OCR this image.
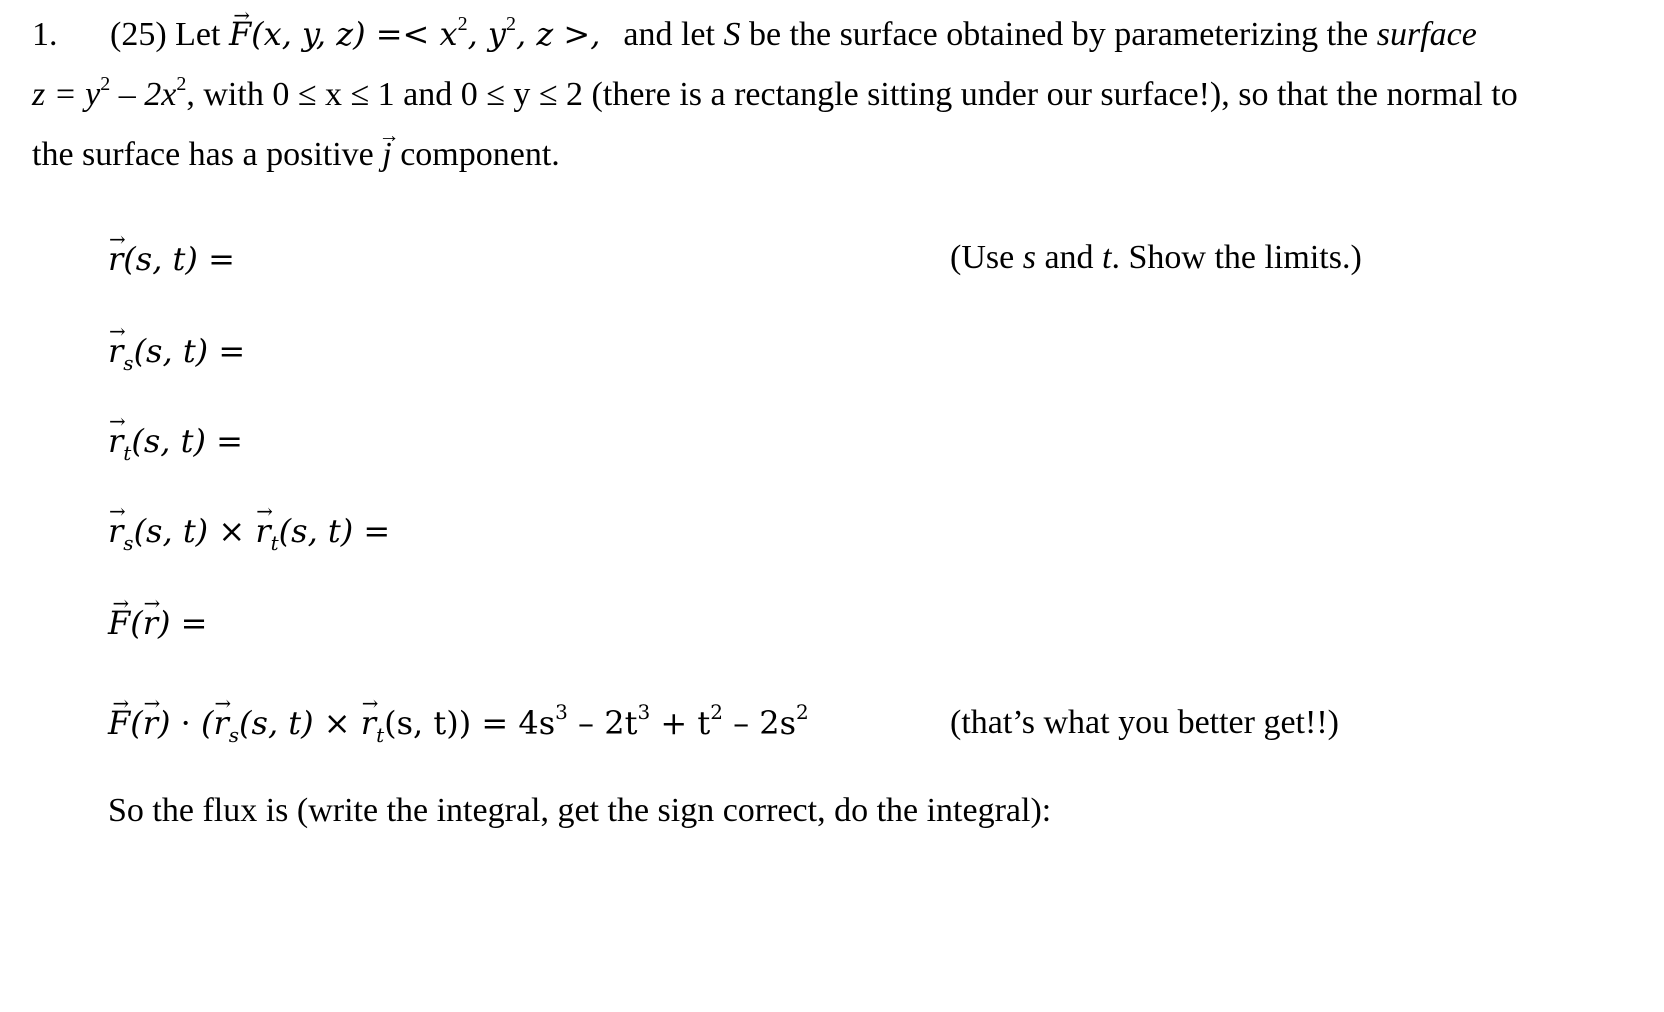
1. (25) Let → F(x, y, $z) =< x^2$, $y^2$, z >, and let S be the surface obtained by parameterizing the surface
$z = y^2 - 2x^2$, with 0 ≤ x ≤ 1 and 0 ≤ y ≤ 2 (there is a rectangle sitting under our surface!), so that the normal to
the surface has a positive → j component.
→ r(s, t) =	(Use s and t. Show the limits.)
→ $r_s(s$, t) =
→ $r_t(s$, t) =
→ $r_s(s$, t) × → $r_t(s$, t) =
→ F(→ r) =
→ F(→ r) · (→ $r_s(s$, t) × → $r_t(s$, $t)) = 4s^3 - 2t^3 + t^2 - 2s^2$	(that’s what you better get!!)
So the flux is (write the integral, get the sign correct, do the integral):
